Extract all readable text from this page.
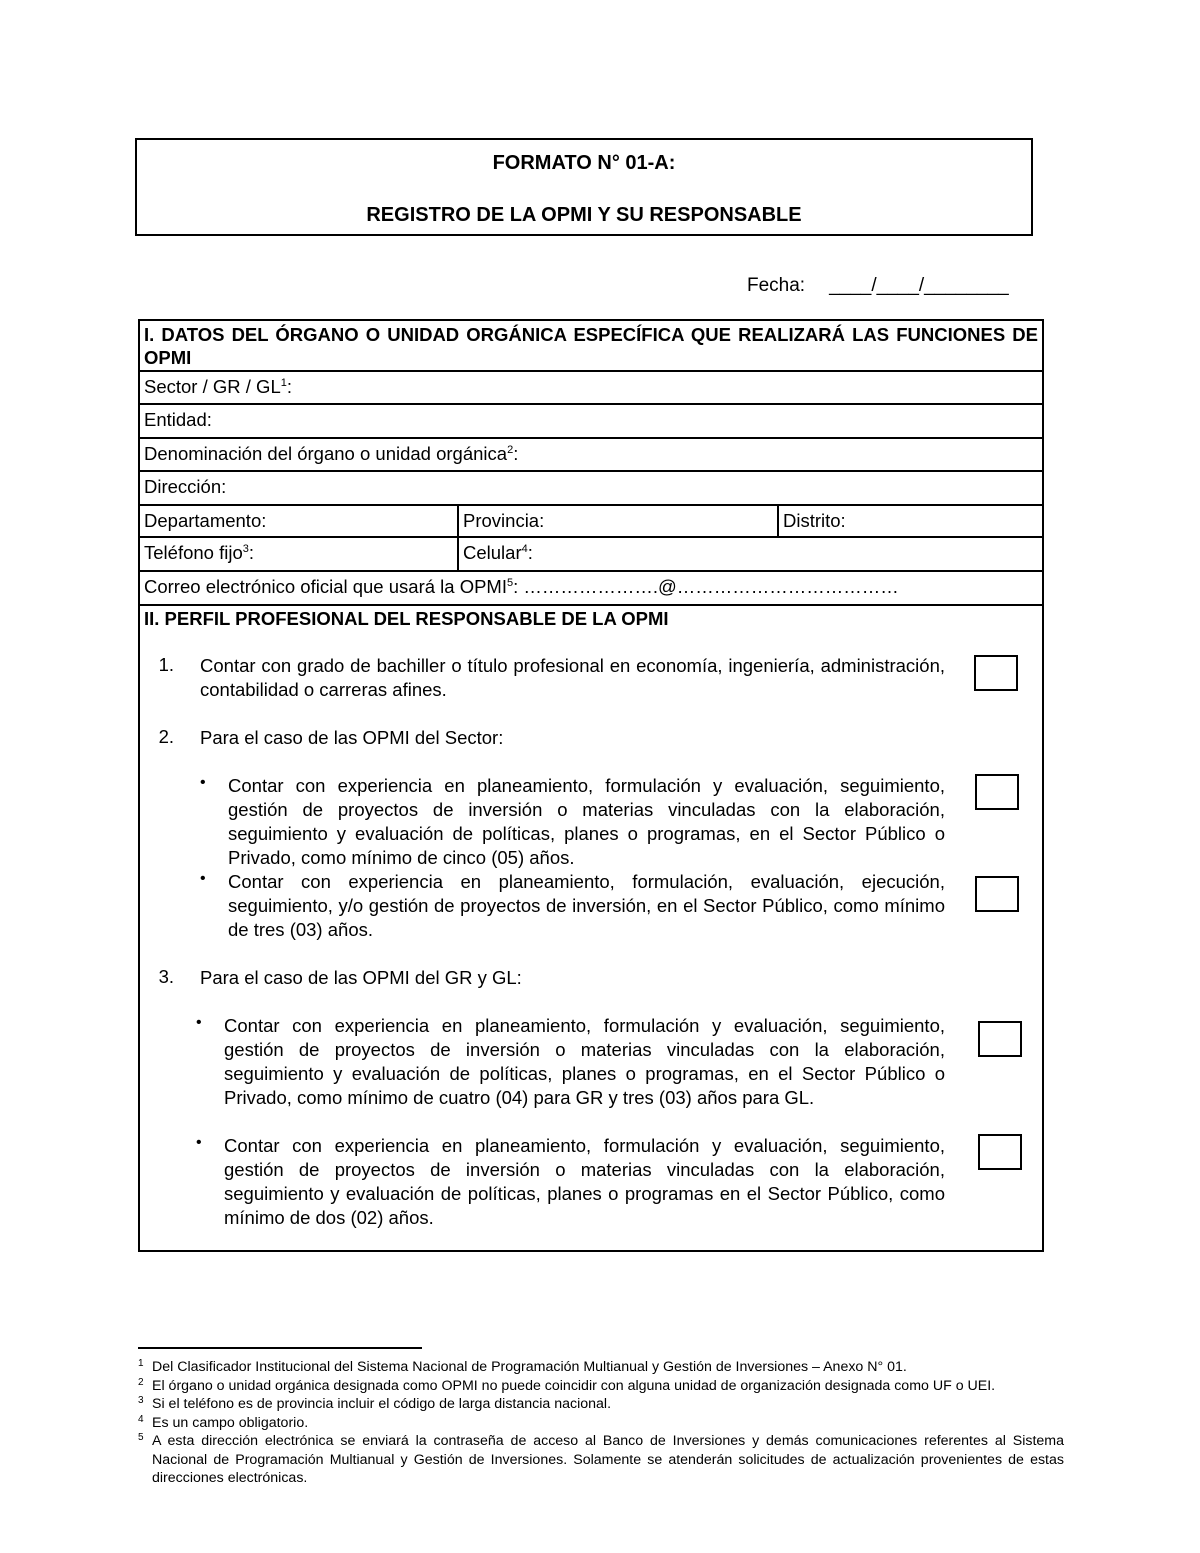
FORMATO N° 01-A:
REGISTRO DE LA OPMI Y SU RESPONSABLE
Fecha: ____/____/________
I. DATOS DEL ÓRGANO O UNIDAD ORGÁNICA ESPECÍFICA QUE REALIZARÁ LAS FUNCIONES DE OPMI
Sector / GR / $GL^1$:
Entidad:
Denominación del órgano o unidad orgánica$^2$:
Dirección:
Departamento:	Provincia:	Distrito:
Teléfono fijo$^3$:	Celular$^4$:
Correo electrónico oficial que usará la OPMI$^5$: ………………….@………………………………
II. PERFIL PROFESIONAL DEL RESPONSABLE DE LA OPMI
1. Contar con grado de bachiller o título profesional en economía, ingeniería, administración, contabilidad o carreras afines.
2. Para el caso de las OPMI del Sector:
• Contar con experiencia en planeamiento, formulación y evaluación, seguimiento, gestión de proyectos de inversión o materias vinculadas con la elaboración, seguimiento y evaluación de políticas, planes o programas, en el Sector Público o Privado, como mínimo de cinco (05) años.
• Contar con experiencia en planeamiento, formulación, evaluación, ejecución, seguimiento, y/o gestión de proyectos de inversión, en el Sector Público, como mínimo de tres (03) años.
3. Para el caso de las OPMI del GR y GL:
• Contar con experiencia en planeamiento, formulación y evaluación, seguimiento, gestión de proyectos de inversión o materias vinculadas con la elaboración, seguimiento y evaluación de políticas, planes o programas, en el Sector Público o Privado, como mínimo de cuatro (04) para GR y tres (03) años para GL.
• Contar con experiencia en planeamiento, formulación y evaluación, seguimiento, gestión de proyectos de inversión o materias vinculadas con la elaboración, seguimiento y evaluación de políticas, planes o programas en el Sector Público, como mínimo de dos (02) años.
1 Del Clasificador Institucional del Sistema Nacional de Programación Multianual y Gestión de Inversiones – Anexo N° 01.
2 El órgano o unidad orgánica designada como OPMI no puede coincidir con alguna unidad de organización designada como UF o UEI.
3 Si el teléfono es de provincia incluir el código de larga distancia nacional.
4 Es un campo obligatorio.
5 A esta dirección electrónica se enviará la contraseña de acceso al Banco de Inversiones y demás comunicaciones referentes al Sistema Nacional de Programación Multianual y Gestión de Inversiones. Solamente se atenderán solicitudes de actualización provenientes de estas direcciones electrónicas.
